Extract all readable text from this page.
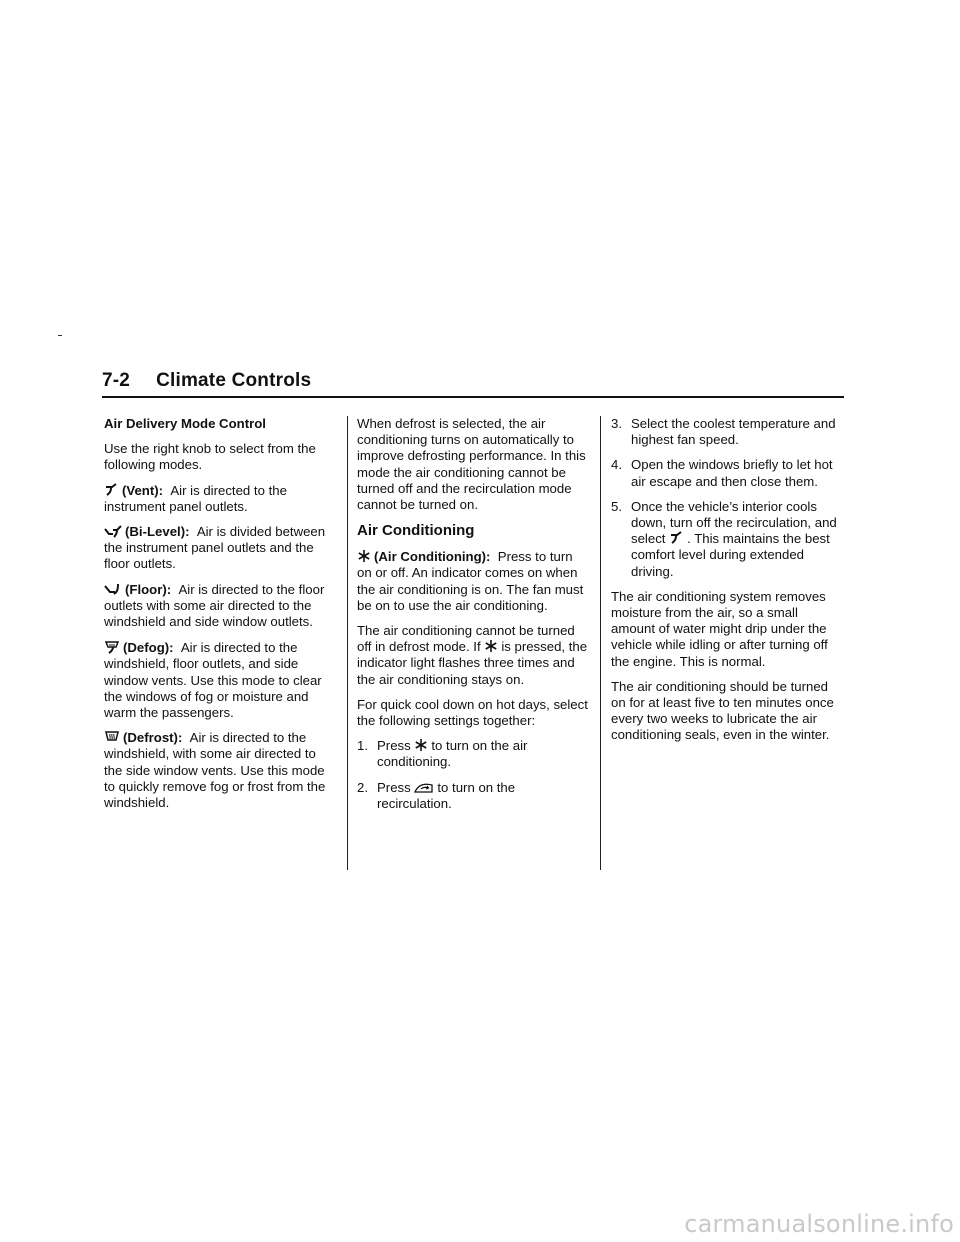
7-2 Climate Controls

Air Delivery Mode Control

Use the right knob to select from the following modes.

(Vent): Air is directed to the instrument panel outlets.

(Bi-Level): Air is divided between the instrument panel outlets and the floor outlets.

(Floor): Air is directed to the floor outlets with some air directed to the windshield and side window outlets.

(Defog): Air is directed to the windshield, floor outlets, and side window vents. Use this mode to clear the windows of fog or moisture and warm the passengers.

(Defrost): Air is directed to the windshield, with some air directed to the side window vents. Use this mode to quickly remove fog or frost from the windshield.

When defrost is selected, the air conditioning turns on automatically to improve defrosting performance. In this mode the air conditioning cannot be turned off and the recirculation mode cannot be turned on.

Air Conditioning

(Air Conditioning): Press to turn on or off. An indicator comes on when the air conditioning is on. The fan must be on to use the air conditioning.

The air conditioning cannot be turned off in defrost mode. If is pressed, the indicator light flashes three times and the air conditioning stays on.

For quick cool down on hot days, select the following settings together:

1. Press to turn on the air conditioning.
2. Press to turn on the recirculation.
3. Select the coolest temperature and highest fan speed.
4. Open the windows briefly to let hot air escape and then close them.
5. Once the vehicle’s interior cools down, turn off the recirculation, and select . This maintains the best comfort level during extended driving.

The air conditioning system removes moisture from the air, so a small amount of water might drip under the vehicle while idling or after turning off the engine. This is normal.

The air conditioning should be turned on for at least five to ten minutes once every two weeks to lubricate the air conditioning seals, even in the winter.

carmanualsonline.info
